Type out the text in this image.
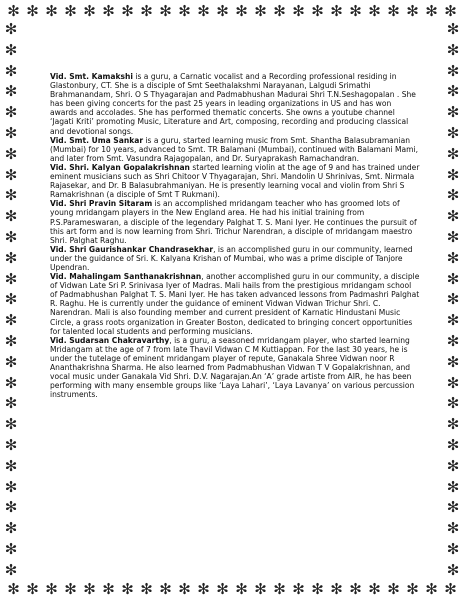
✻ ✻ ✻ ✻ ✻ ✻ ✻ ✻ ✻ ✻ ✻ ✻ ✻ ✻ ✻ ✻ ✻ ✻ ✻ ✻ ✻ ✻ ✻ ✻
✻ ✻ ✻ ✻ ✻ ✻ ✻ ✻ ✻ ✻ ✻ ✻ ✻ ✻ ✻ ✻ ✻ ✻ ✻ ✻ ✻ ✻ ✻ ✻
✻
✻
✻
✻
✻
✻
✻
✻
✻
✻
✻
✻
✻
✻
✻
✻
✻
✻
✻
✻
✻
✻
✻
✻
✻
✻
✻
✻
✻
✻
✻
✻
✻
✻
✻
✻
✻
✻
✻
✻
✻
✻
✻
✻
✻
✻
✻
✻
✻
✻
✻
✻
✻
✻

Vid. Smt. Kamakshi is a guru, a Carnatic vocalist and a Recording professional residing in Glastonbury, CT. She is a disciple of Smt Seethalakshmi Narayanan, Lalgudi Srimathi Brahmanandam, Shri. O S Thyagarajan and Padmabhushan Madurai Shri T.N.Seshagopalan . She has been giving concerts for the past 25 years in leading organizations in US and has won awards and accolades. She has performed thematic concerts. She owns a youtube channel ‘Jagati Kriti’ promoting Music, Literature and Art, composing, recording and producing classical and devotional songs.

Vid. Smt. Uma Sankar is a guru, started learning music from Smt. Shantha Balasubramanian (Mumbai) for 10 years, advanced to Smt. TR Balamani (Mumbai), continued with Balamani Mami, and later from Smt. Vasundra Rajagopalan, and Dr. Suryaprakash Ramachandran.

Vid. Shri. Kalyan Gopalakrishnan started learning violin at the age of 9 and has trained under eminent musicians such as Shri Chitoor V Thyagarajan, Shri. Mandolin U Shrinivas, Smt. Nirmala Rajasekar, and Dr. B Balasubrahmaniyan. He is presently learning vocal and violin from Shri S Ramakrishnan (a disciple of Smt T Rukmani).

Vid. Shri Pravin Sitaram is an accomplished mridangam teacher who has groomed lots of young mridangam players in the New England area. He had his initial training from P.S.Parameswaran, a disciple of the legendary Palghat T. S. Mani Iyer. He continues the pursuit of this art form and is now learning from Shri. Trichur Narendran, a disciple of mridangam maestro Shri. Palghat Raghu.

Vid. Shri Gaurishankar Chandrasekhar, is an accomplished guru in our community, learned under the guidance of Sri. K. Kalyana Krishan of Mumbai, who was a prime disciple of Tanjore Upendran.

Vid. Mahalingam Santhanakrishnan, another accomplished guru in our community, a disciple of Vidwan Late Sri P. Srinivasa Iyer of Madras. Mali hails from the prestigious mridangam school of Padmabhushan Palghat T. S. Mani Iyer. He has taken advanced lessons from Padmashri Palghat R. Raghu. He is currently under the guidance of eminent Vidwan Vidwan Trichur Shri. C. Narendran. Mali is also founding member and current president of Karnatic Hindustani Music Circle, a grass roots organization in Greater Boston, dedicated to bringing concert opportunities for talented local students and performing musicians.

Vid. Sudarsan Chakravarthy, is a guru, a seasoned mridangam player, who started learning Mridangam at the age of 7 from late Thavil Vidwan C M Kuttiappan. For the last 30 years, he is under the tutelage of eminent mridangam player of repute, Ganakala Shree Vidwan noor R Ananthakrishna Sharma. He also learned from Padmabhushan Vidwan T V Gopalakrishnan, and vocal music under Ganakala Vid Shri. D.V. Nagarajan.An ‘A’ grade artiste from AIR, he has been performing with many ensemble groups like ‘Laya Lahari’, ‘Laya Lavanya’ on various percussion instruments.
